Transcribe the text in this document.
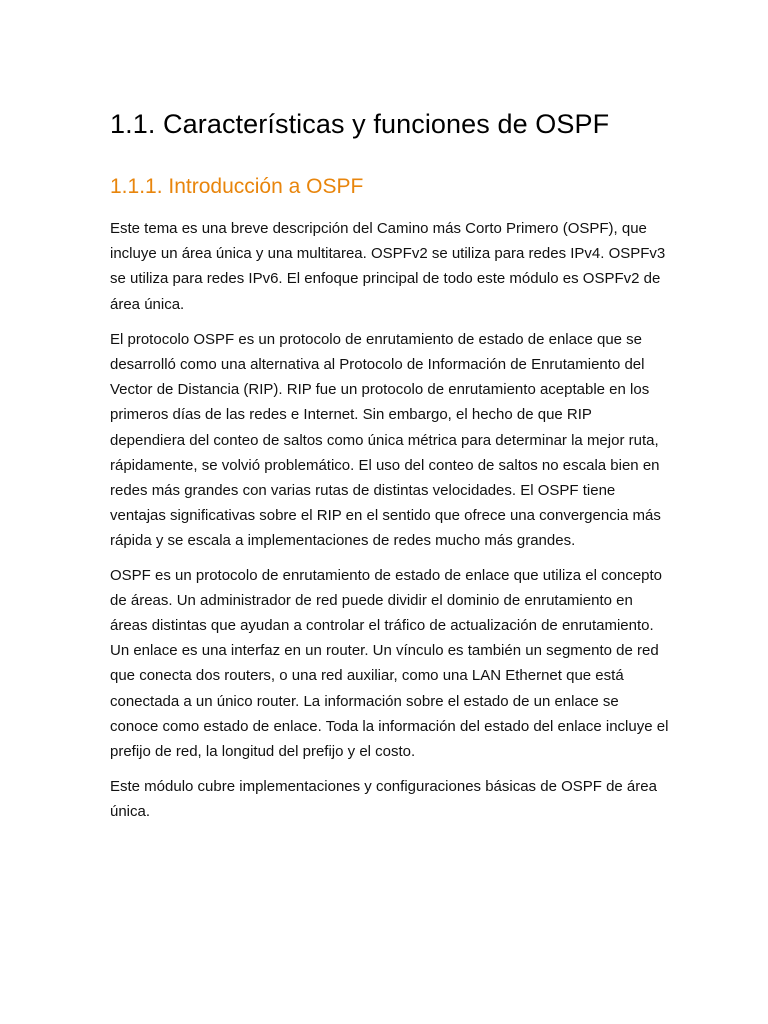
1.1. Características y funciones de OSPF
1.1.1. Introducción a OSPF

Este tema es una breve descripción del Camino más Corto Primero (OSPF), que incluye un área única y una multitarea. OSPFv2 se utiliza para redes IPv4. OSPFv3 se utiliza para redes IPv6. El enfoque principal de todo este módulo es OSPFv2 de área única.

El protocolo OSPF es un protocolo de enrutamiento de estado de enlace que se desarrolló como una alternativa al Protocolo de Información de Enrutamiento del Vector de Distancia (RIP). RIP fue un protocolo de enrutamiento aceptable en los primeros días de las redes e Internet. Sin embargo, el hecho de que RIP dependiera del conteo de saltos como única métrica para determinar la mejor ruta, rápidamente, se volvió problemático. El uso del conteo de saltos no escala bien en redes más grandes con varias rutas de distintas velocidades. El OSPF tiene ventajas significativas sobre el RIP en el sentido que ofrece una convergencia más rápida y se escala a implementaciones de redes mucho más grandes.

OSPF es un protocolo de enrutamiento de estado de enlace que utiliza el concepto de áreas. Un administrador de red puede dividir el dominio de enrutamiento en áreas distintas que ayudan a controlar el tráfico de actualización de enrutamiento. Un enlace es una interfaz en un router. Un vínculo es también un segmento de red que conecta dos routers, o una red auxiliar, como una LAN Ethernet que está conectada a un único router. La información sobre el estado de un enlace se conoce como estado de enlace. Toda la información del estado del enlace incluye el prefijo de red, la longitud del prefijo y el costo.

Este módulo cubre implementaciones y configuraciones básicas de OSPF de área única.
